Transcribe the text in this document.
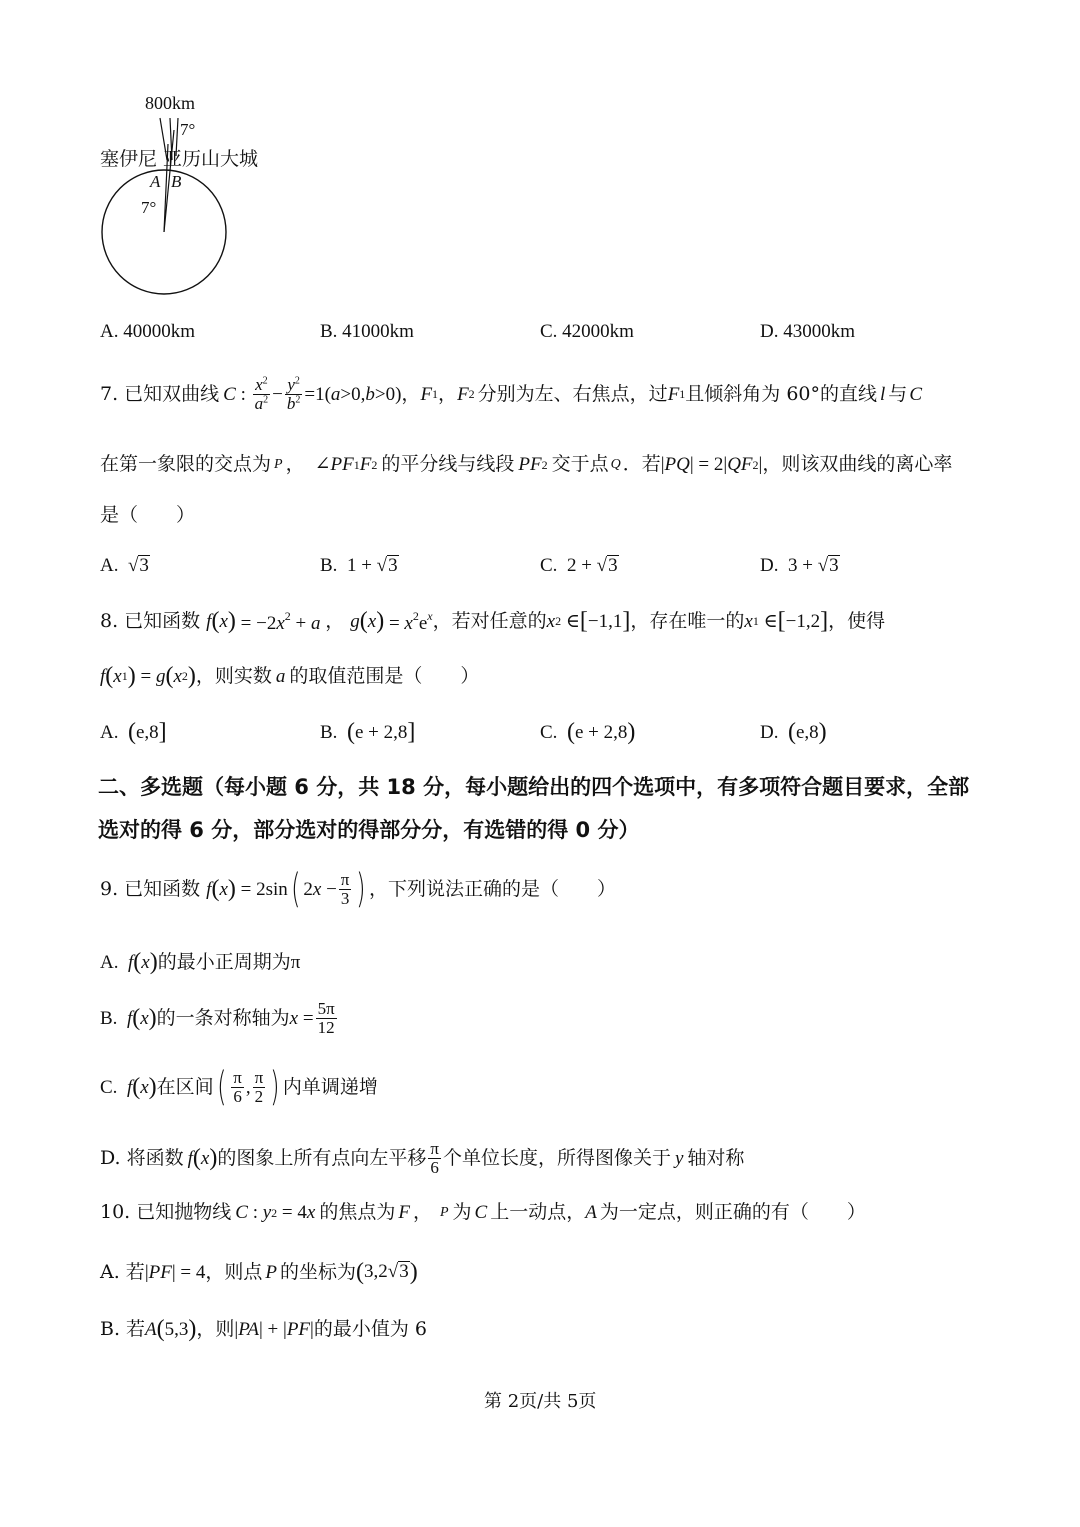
800km
7°
塞伊尼 亚历山大城
A B
7°
A. 40000km	B. 41000km	C. 42000km	D. 43000km
7. 已知双曲线 C : $\frac{x^2}{a^2} - \frac{y^2}{b^2} =1(a>0,b>0)$ ， F 1 ， F 2 分别为左、右焦点，过 F 1 且倾斜角为 60°的直线 l 与 C
在第一象限的交点为 P ， ∠ PF 1 F 2 的平分线与线段 PF 2 交于点 Q ．若 | PQ | = 2| QF 2 | ，则该双曲线的离心率
是（　　）
A.  √3	B.  1 + √3	C.  2 + √3	D.  3 + √3
8. 已知函数 f ( x ) = $-2x^2 + a$ ， g ( x ) = $x^2e^x$ ，若对任意的 x 2 ∈ [ −1,1 ] ，存在唯一的 x 1 ∈ [ −1,2 ] ，使得
f ( x 1 ) = g ( x 2 ) ，则实数 a 的取值范围是（　　）
A.
( e,8 ]	B.
( e + 2,8 ]	C.
( e + 2,8 )	D.
( e,8 )
二、多选题（每小题 6 分，共 18 分，每小题给出的四个选项中，有多项符合题目要求，全部
选对的得 6 分，部分选对的得部分分，有选错的得 0 分）
9. 已知函数 f ( x ) = 2sin ( $2x - \frac{\pi}{3}$ ) ，下列说法正确的是（　　）
A. f ( x ) 的最小正周期为 π
B. f ( x ) 的一条对称轴为 $x = \frac{5\pi}{12}$
C. f ( x ) 在区间 ( $\frac{\pi}{6}$ , $\frac{\pi}{2}$ ) 内单调递增
D. 将函数 f ( x ) 的图象上所有点向左平移 $\frac{\pi}{6}$ 个单位长度，所得图像关于 y 轴对称
10. 已知抛物线 C : y 2 = 4 x 的焦点为 F ， P 为 C 上一动点， A 为一定点，则正确的有（　　）
A. 若 | PF | = 4 ，则点 P 的坐标为 ( 3,2√3 )
B. 若 A ( 5,3 ) ，则 | PA | + | PF | 的最小值为 6
第 2页/共 5页
